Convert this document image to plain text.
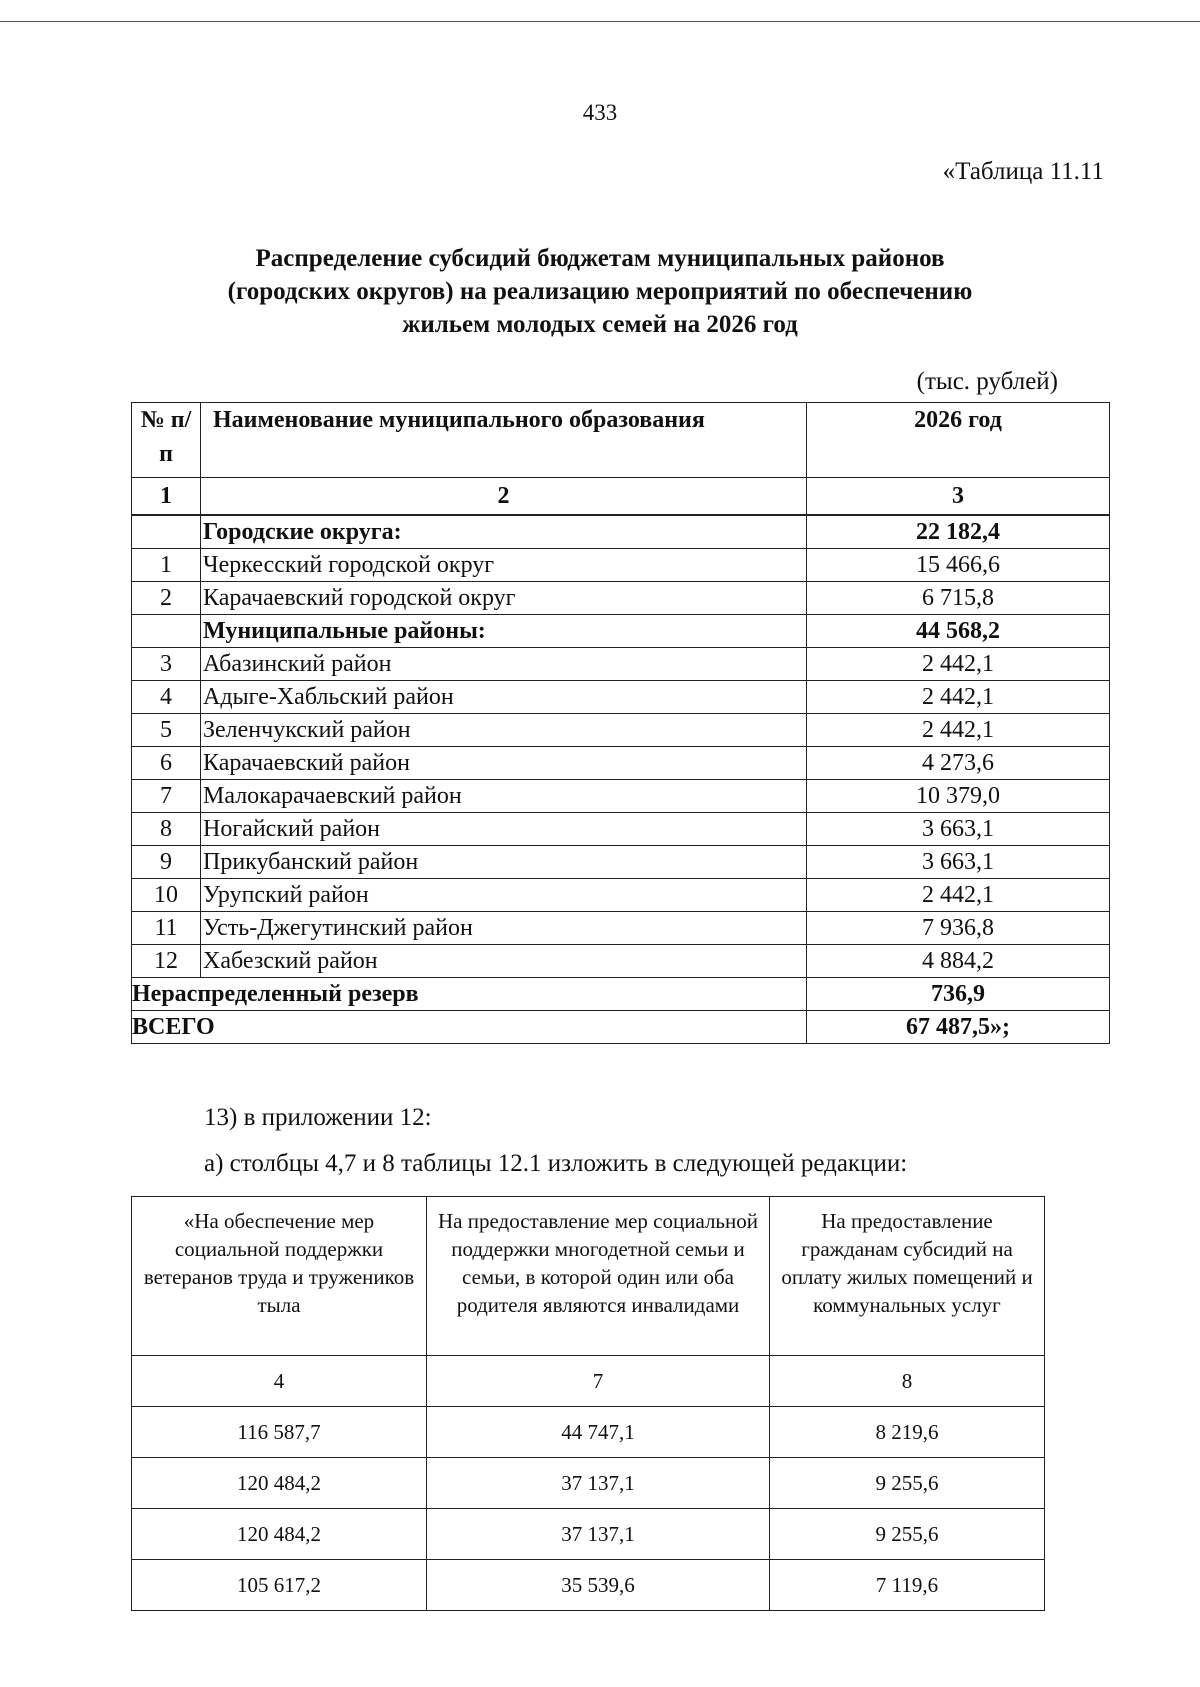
433
«Таблица 11.11
Распределение субсидий бюджетам муниципальных районов
(городских округов) на реализацию мероприятий по обеспечению
жильем молодых семей на 2026 год
(тыс. рублей)
№ п/п	Наименование муниципального образования	2026 год
1	2	3
	Городские округа:	22 182,4
1	Черкесский городской округ	15 466,6
2	Карачаевский городской округ	6 715,8
	Муниципальные районы:	44 568,2
3	Абазинский район	2 442,1
4	Адыге-Хабльский район	2 442,1
5	Зеленчукский район	2 442,1
6	Карачаевский район	4 273,6
7	Малокарачаевский район	10 379,0
8	Ногайский район	3 663,1
9	Прикубанский район	3 663,1
10	Урупский район	2 442,1
11	Усть-Джегутинский район	7 936,8
12	Хабезский район	4 884,2
Нераспределенный резерв		736,9
ВСЕГО		67 487,5»;
13) в приложении 12:
а) столбцы 4,7 и 8 таблицы 12.1 изложить в следующей редакции:
«На обеспечение мер социальной поддержки ветеранов труда и тружеников тыла	На предоставление мер социальной поддержки многодетной семьи и семьи, в которой один или оба родителя являются инвалидами	На предоставление гражданам субсидий на оплату жилых помещений и коммунальных услуг
4	7	8
116 587,7	44 747,1	8 219,6
120 484,2	37 137,1	9 255,6
120 484,2	37 137,1	9 255,6
105 617,2	35 539,6	7 119,6
